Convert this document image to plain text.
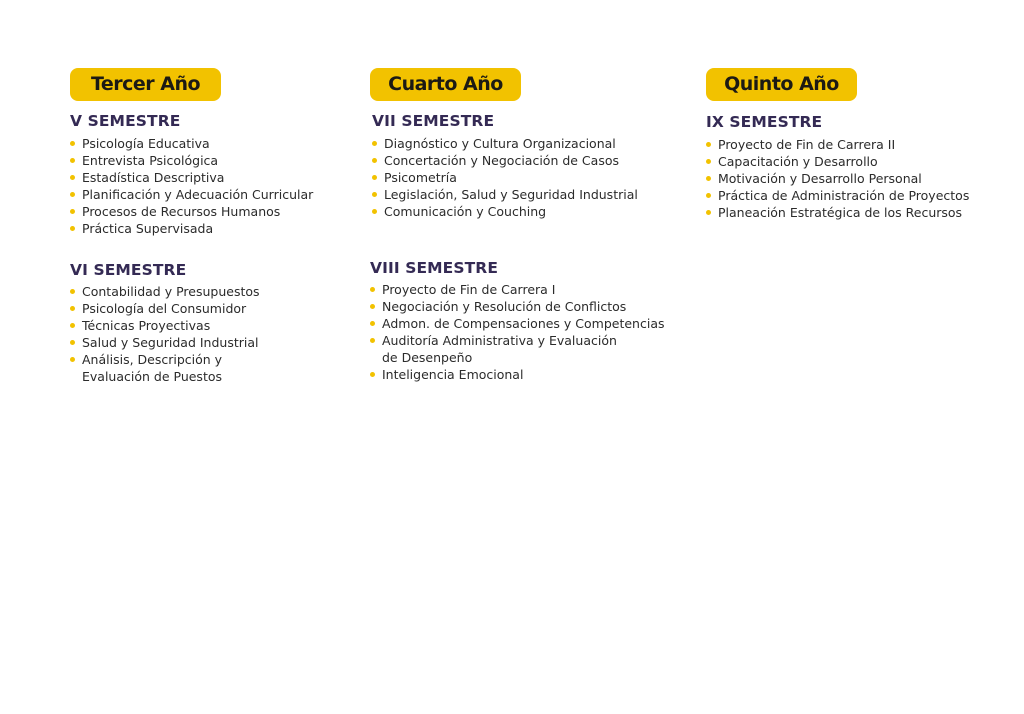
Tercer Año
V SEMESTRE
Psicología Educativa
Entrevista Psicológica
Estadística Descriptiva
Planificación y Adecuación Curricular
Procesos de Recursos Humanos
Práctica Supervisada
VI SEMESTRE
Contabilidad y Presupuestos
Psicología del Consumidor
Técnicas Proyectivas
Salud y Seguridad Industrial
Análisis, Descripción y
Evaluación de Puestos
Cuarto Año
VII SEMESTRE
Diagnóstico y Cultura Organizacional
Concertación y Negociación de Casos
Psicometría
Legislación, Salud y Seguridad Industrial
Comunicación y Couching
VIII SEMESTRE
Proyecto de Fin de Carrera I
Negociación y Resolución de Conflictos
Admon. de Compensaciones y Competencias
Auditoría Administrativa y Evaluación
de Desenpeño
Inteligencia Emocional
Quinto Año
IX SEMESTRE
Proyecto de Fin de Carrera II
Capacitación y Desarrollo
Motivación y Desarrollo Personal
Práctica de Administración de Proyectos
Planeación Estratégica de los Recursos
